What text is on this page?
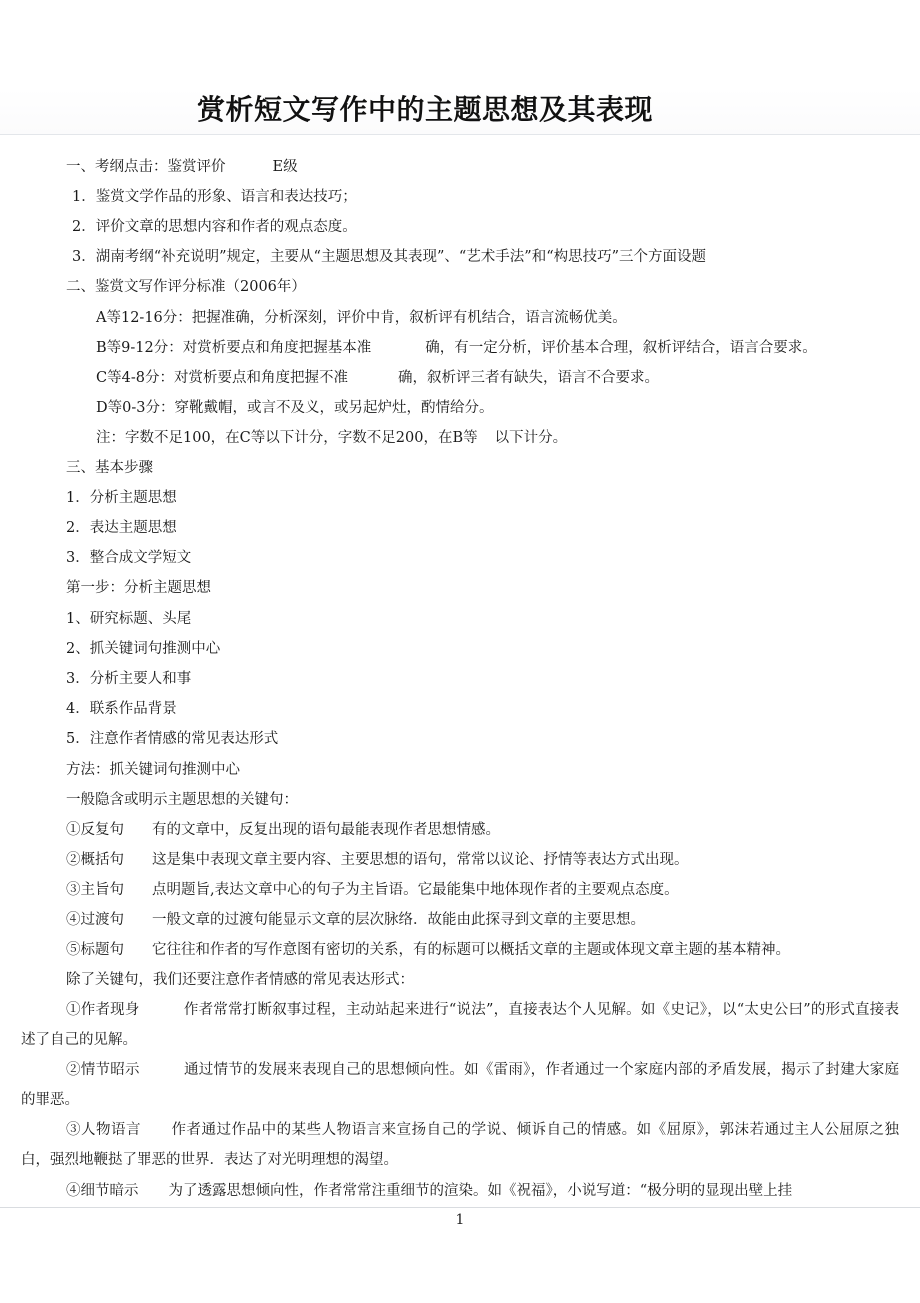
赏析短文写作中的主题思想及其表现
一、考纲点击：鉴赏评价	E级
1．鉴赏文学作品的形象、语言和表达技巧；
2．评价文章的思想内容和作者的观点态度。
3．湖南考纲“补充说明”规定，主要从“主题思想及其表现”、“艺术手法”和“构思技巧”三个方面设题
二、鉴赏文写作评分标准（2006年）
A等12-16分：把握准确，分析深刻，评价中肯，叙析评有机结合，语言流畅优美。
B等9-12分：对赏析要点和角度把握基本准	确，有一定分析，评价基本合理，叙析评结合，语言合要求。
C等4-8分：对赏析要点和角度把握不准	确，叙析评三者有缺失，语言不合要求。
D等0-3分：穿靴戴帽，或言不及义，或另起炉灶，酌情给分。
注：字数不足100，在C等以下计分，字数不足200，在B等 以下计分。
三、基本步骤
1．分析主题思想
2．表达主题思想
3．整合成文学短文
第一步：分析主题思想
1、研究标题、头尾
2、抓关键词句推测中心
3．分析主要人和事
4．联系作品背景
5．注意作者情感的常见表达形式
方法：抓关键词句推测中心
一般隐含或明示主题思想的关键句：
①反复句 有的文章中，反复出现的语句最能表现作者思想情感。
②概括句 这是集中表现文章主要内容、主要思想的语句，常常以议论、抒情等表达方式出现。
③主旨句 点明题旨,表达文章中心的句子为主旨语。它最能集中地体现作者的主要观点态度。
④过渡句 一般文章的过渡句能显示文章的层次脉络．故能由此探寻到文章的主要思想。
⑤标题句 它往往和作者的写作意图有密切的关系，有的标题可以概括文章的主题或体现文章主题的基本精神。
除了关键句，我们还要注意作者情感的常见表达形式：
①作者现身	作者常常打断叙事过程，主动站起来进行“说法”，直接表达个人见解。如《史记》，以“太史公曰”的形式直接表述了自己的见解。
②情节昭示	通过情节的发展来表现自己的思想倾向性。如《雷雨》，作者通过一个家庭内部的矛盾发展，揭示了封建大家庭的罪恶。
③人物语言 作者通过作品中的某些人物语言来宣扬自己的学说、倾诉自己的情感。如《屈原》，郭沫若通过主人公屈原之独白，强烈地鞭挞了罪恶的世界．表达了对光明理想的渴望。
④细节暗示 为了透露思想倾向性，作者常常注重细节的渲染。如《祝福》，小说写道：“极分明的显现出壁上挂
1
